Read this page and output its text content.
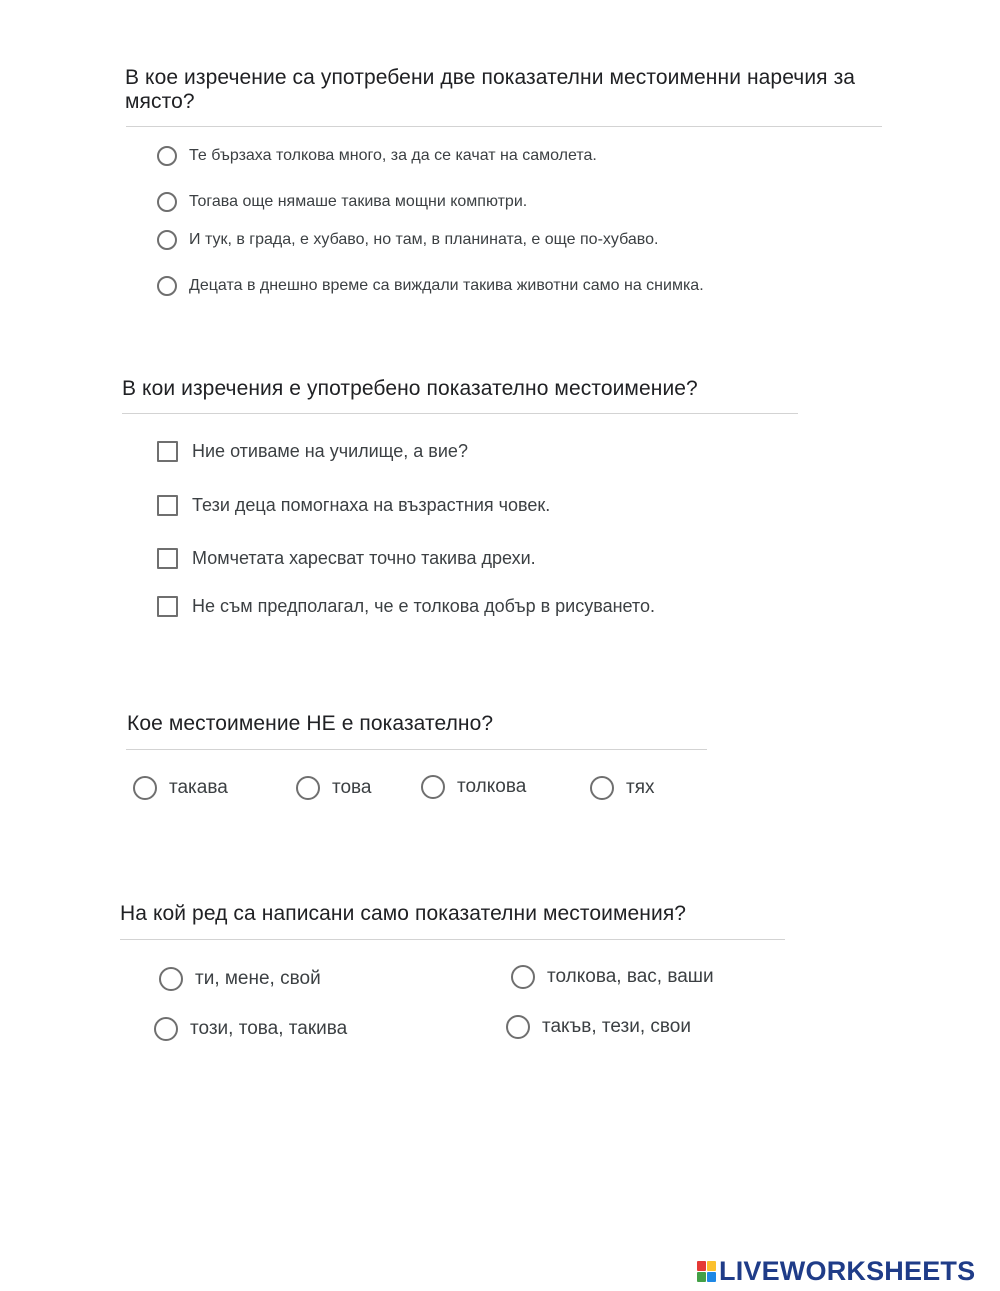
В кое изречение са употребени две показателни местоименни наречия за място?
Те бързаха толкова много, за да се качат на самолета.
Тогава още нямаше такива мощни компютри.
И тук, в града, е хубаво, но там, в планината, е още по-хубаво.
Децата в днешно време са виждали такива животни само на снимка.
В кои изречения е употребено показателно местоимение?
Ние отиваме на училище, а вие?
Тези деца помогнаха на възрастния човек.
Момчетата харесват точно такива дрехи.
Не съм предполагал, че е толкова добър в рисуването.
Кое местоимение НЕ е показателно?
такава	това	толкова	тях
На кой ред са написани само показателни местоимения?
ти, мене, свой	толкова, вас, ваши
този, това, такива	такъв, тези, свои
LIVEWORKSHEETS
